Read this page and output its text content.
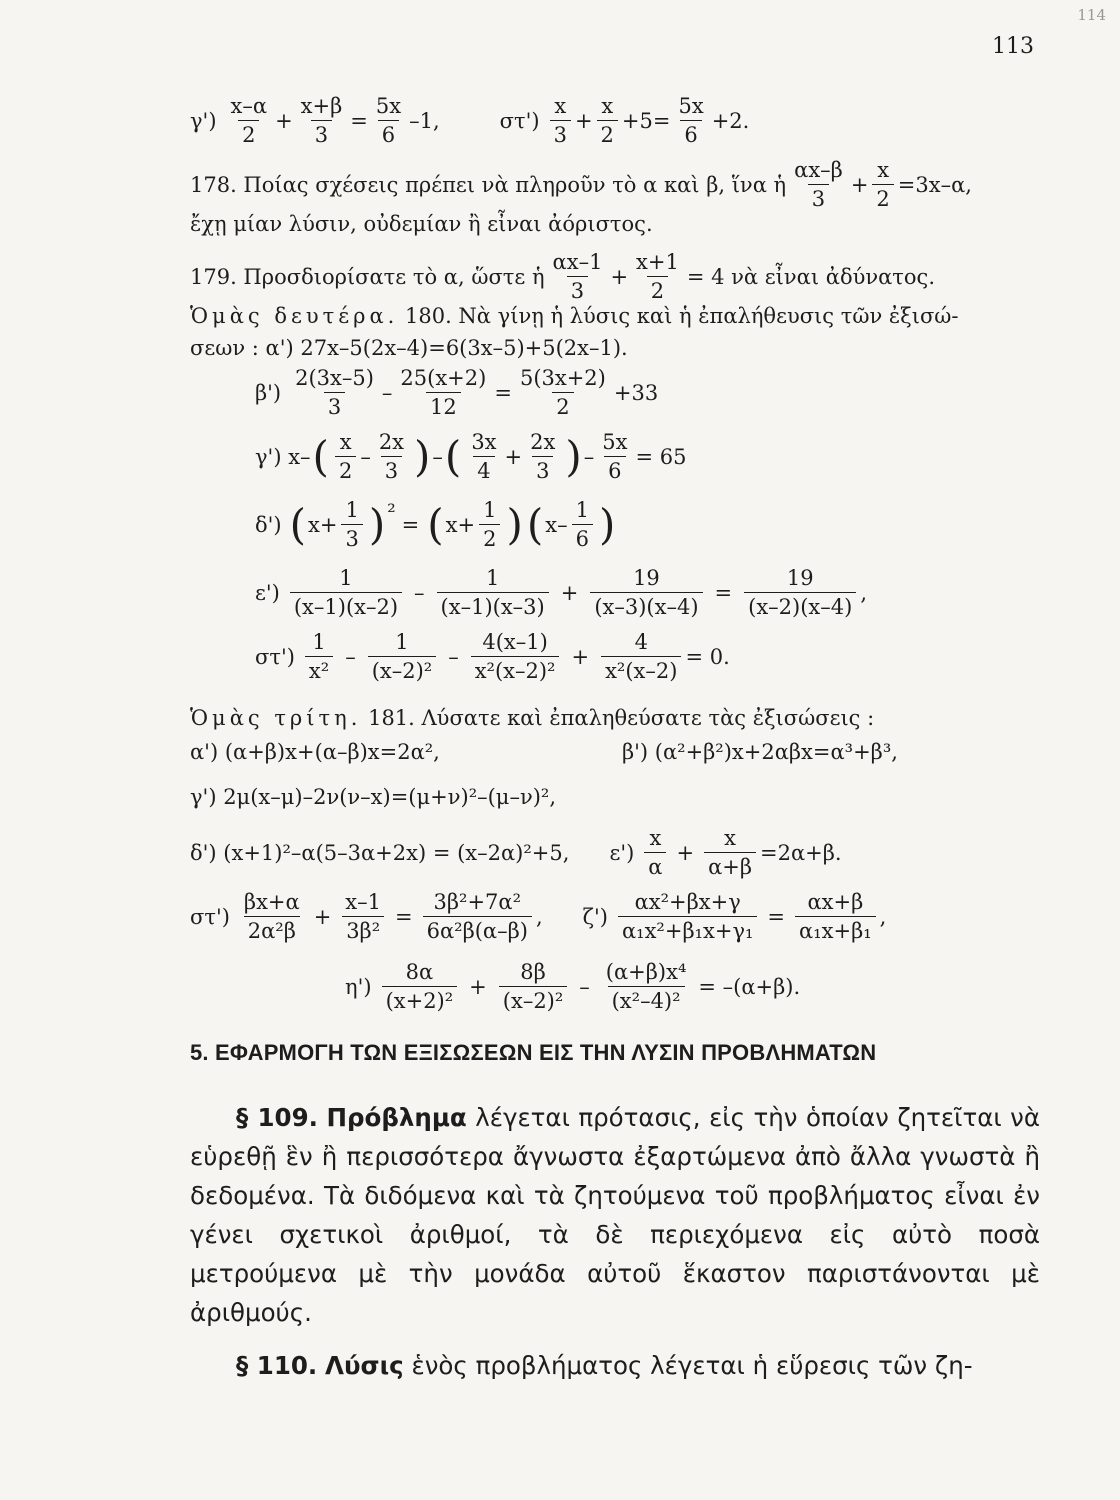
114
113
$\gamma') \frac{x-\alpha}{2} + \frac{x+\beta}{3} = \frac{5x}{6} -1$,	$\sigma\tau') \frac{x}{3} + \frac{x}{2} +5= \frac{5x}{6} +2$.
178. Ποίας σχέσεις πρέπει νὰ πληροῦν τὸ α καὶ β, ἵνα ἡ $\frac{\alpha x-\beta}{3} + \frac{x}{2} =3x-\alpha$,
ἔχῃ μίαν λύσιν, οὐδεμίαν ἢ εἶναι ἀόριστος.
179. Προσδιορίσατε τὸ α, ὥστε ἡ $\frac{\alpha x-1}{3} + \frac{x+1}{2} = 4$ νὰ εἶναι ἀδύνατος.
Ὁμὰς δευτέρα. 180. Νὰ γίνῃ ἡ λύσις καὶ ἡ ἐπαλήθευσις τῶν ἐξισώ-
σεων : α') 27x–5(2x–4)=6(3x–5)+5(2x–1).
$\beta') \frac{2(3x-5)}{3} - \frac{25(x+2)}{12} = \frac{5(3x+2)}{2} +33$
γ') x– ( $\frac{x}{2} - \frac{2x}{3}$ ) – ( $\frac{3x}{4} + \frac{2x}{3}$ ) – $\frac{5x}{6} = 65$
δ') ( $x+ \frac{1}{3}$ ) ²
= ( $x+ \frac{1}{2}$ ) ( $x- \frac{1}{6}$ )
$\varepsilon') \frac{1}{(x-1)(x-2)} - \frac{1}{(x-1)(x-3)} + \frac{19}{(x-3)(x-4)} = \frac{19}{(x-2)(x-4)}$ ,
$\sigma\tau') \frac{1}{\text{x²}} - \frac{1}{\text{(x–2)²}} - \frac{4(x-1)}{\text{x²(x–2)²}} + \frac{4}{\text{x²(x–2)}} = 0$.
Ὁμὰς τρίτη. 181. Λύσατε καὶ ἐπαληθεύσατε τὰς ἐξισώσεις :
α') (α+β)x+(α–β)x=2α²,	β') (α²+β²)x+2αβx=α³+β³,
γ') 2μ(x–μ)–2ν(ν–x)=(μ+ν)²–(μ–ν)²,
δ') (x+1)²–α(5–3α+2x) = (x–2α)²+5, $\varepsilon') \frac{x}{\alpha} + \frac{x}{\alpha+\beta} =2\alpha+\beta$.
$\sigma\tau') \frac{\beta x+\alpha}{\text{2α²β}} + \frac{x-1}{\text{3β²}} = \frac{\text{3β²+7α²}}{\text{6α²β(α–β)}}$ , $\zeta') \frac{\text{αx²+βx+γ}}{\text{α₁x²+β₁x+γ₁}} = \frac{\alpha x+\beta}{\text{α₁x+β₁}}$ ,
$\eta') \frac{8\alpha}{\text{(x+2)²}} + \frac{8\beta}{\text{(x–2)²}} - \frac{\text{(α+β)x⁴}}{\text{(x²–4)²}} = -(\alpha+\beta)$.
5. ΕΦΑΡΜΟΓΗ ΤΩΝ ΕΞΙΣΩΣΕΩΝ ΕΙΣ ΤΗΝ ΛΥΣΙΝ ΠΡΟΒΛΗΜΑΤΩΝ
§ 109. Πρόβλημα λέγεται πρότασις, εἰς τὴν ὁποίαν ζητεῖται νὰ εὑρεθῇ ἓν ἢ περισσότερα ἄγνωστα ἐξαρτώμενα ἀπὸ ἄλλα γνωστὰ ἢ δεδομένα. Τὰ διδόμενα καὶ τὰ ζητούμενα τοῦ προβλήματος εἶναι ἐν γένει σχετικοὶ ἀριθμοί, τὰ δὲ περιεχόμενα εἰς αὐτὸ ποσὰ μετρούμενα μὲ τὴν μονάδα αὐτοῦ ἕκαστον παριστάνονται μὲ ἀριθμούς.
§ 110. Λύσις ἑνὸς προβλήματος λέγεται ἡ εὕρεσις τῶν ζη-
